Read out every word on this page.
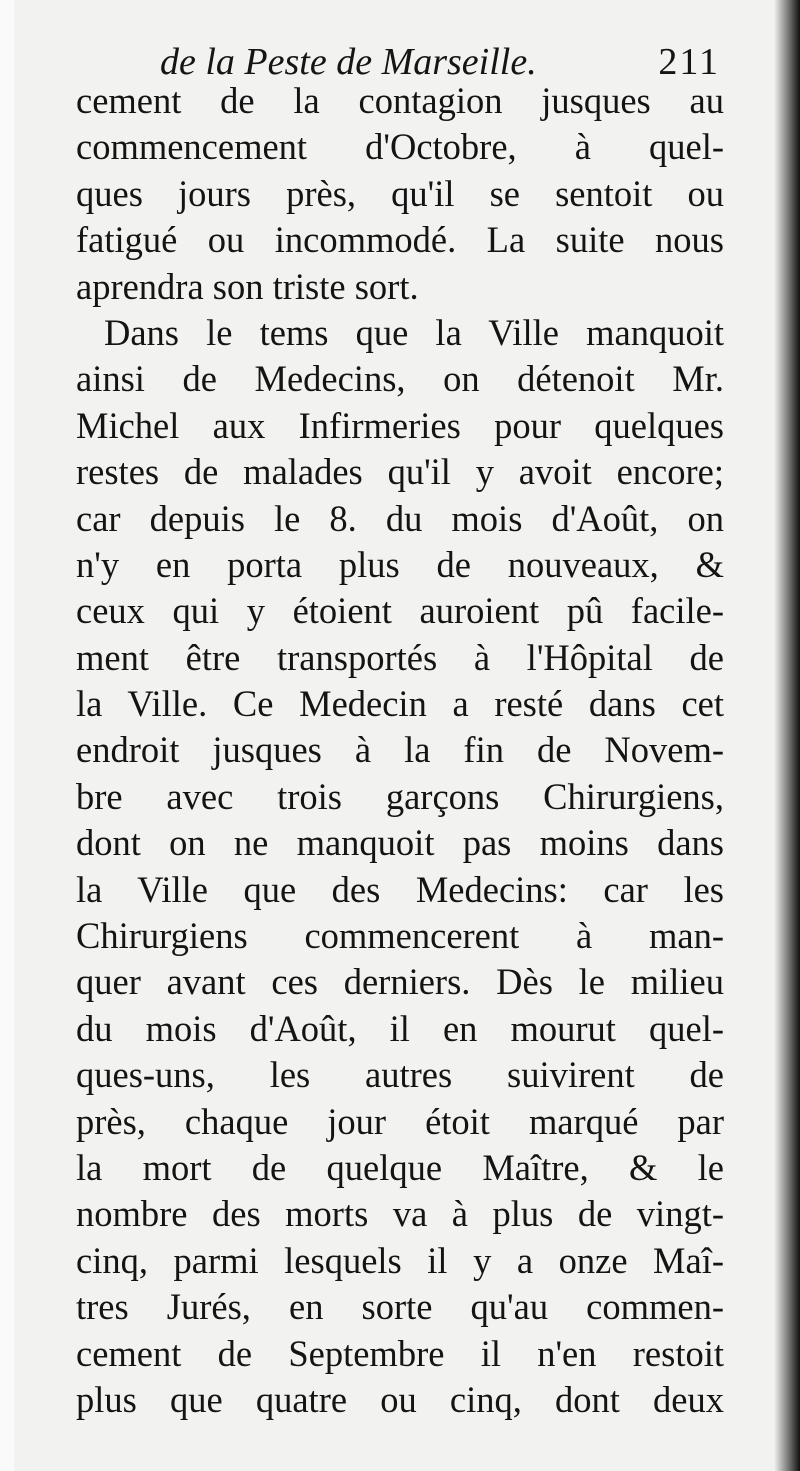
de la Peste de Marseille.	211
cement de la contagion jusques au
commencement d'Octobre, à quel-
ques jours près, qu'il se sentoit ou
fatigué ou incommodé. La suite nous
aprendra son triste sort.
Dans le tems que la Ville manquoit
ainsi de Medecins, on détenoit Mr.
Michel aux Infirmeries pour quelques
restes de malades qu'il y avoit encore;
car depuis le 8. du mois d'Août, on
n'y en porta plus de nouveaux, &
ceux qui y étoient auroient pû facile-
ment être transportés à l'Hôpital de
la Ville. Ce Medecin a resté dans cet
endroit jusques à la fin de Novem-
bre avec trois garçons Chirurgiens,
dont on ne manquoit pas moins dans
la Ville que des Medecins: car les
Chirurgiens commencerent à man-
quer avant ces derniers. Dès le milieu
du mois d'Août, il en mourut quel-
ques-uns, les autres suivirent de
près, chaque jour étoit marqué par
la mort de quelque Maître, & le
nombre des morts va à plus de vingt-
cinq, parmi lesquels il y a onze Maî-
tres Jurés, en sorte qu'au commen-
cement de Septembre il n'en restoit
plus que quatre ou cinq, dont deux
